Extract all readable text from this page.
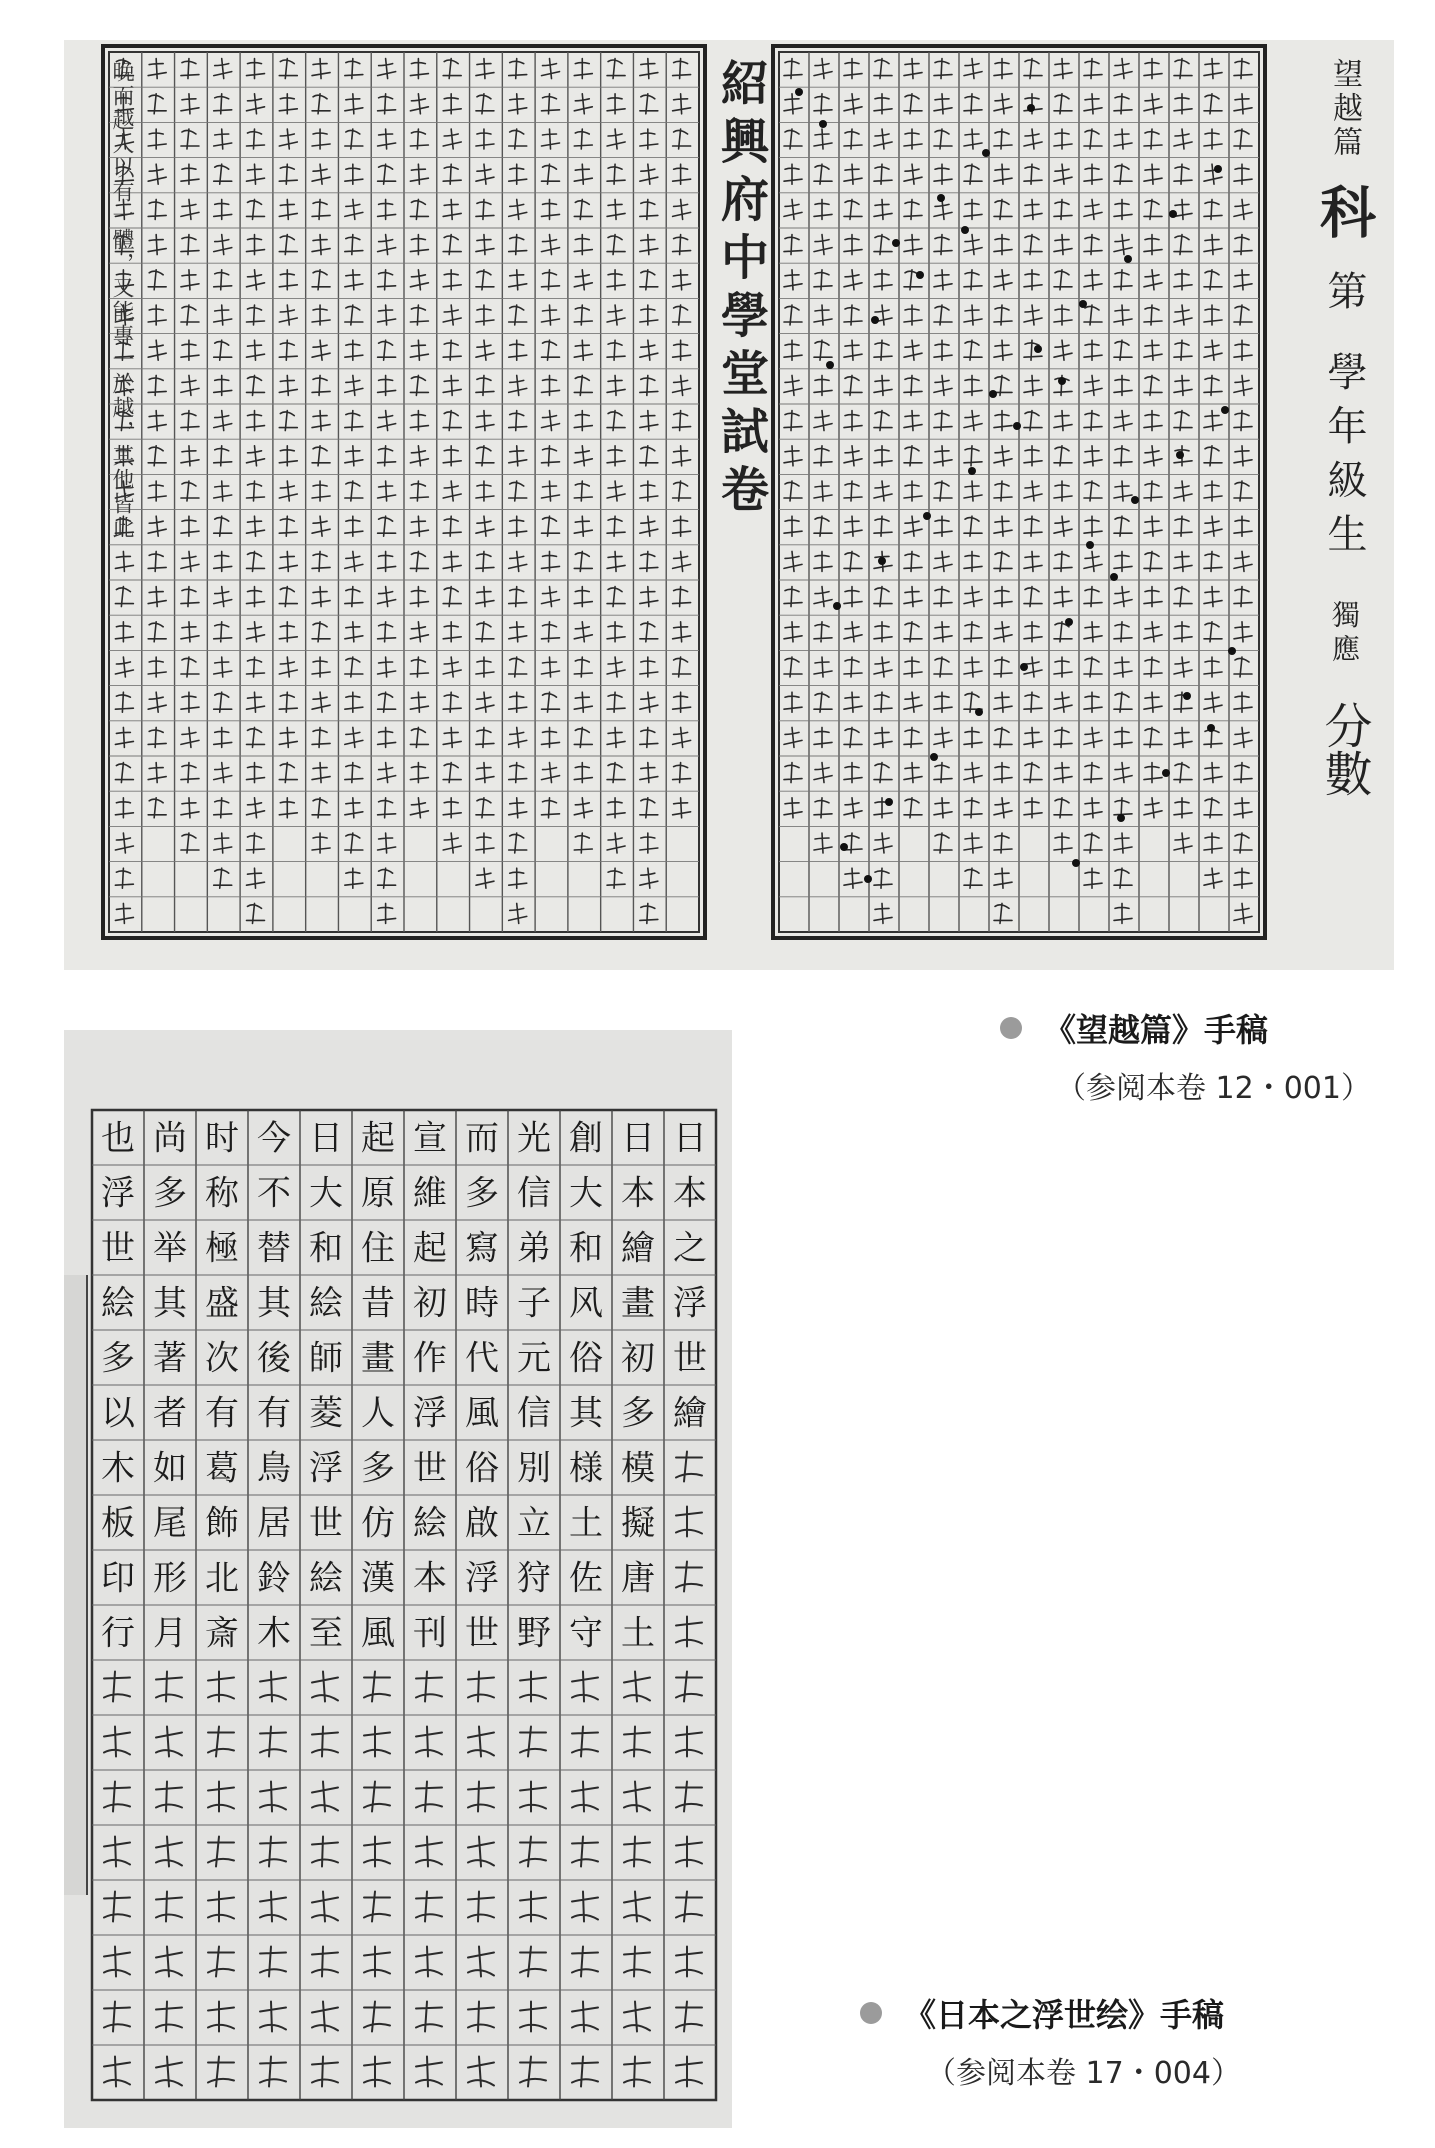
晚而越人以有一體，又能專一於越，其他皆此	紹興府中學堂試卷	望越篇 科 第 學年級生 獨應 分數
日
本
之
浮
世
繪
日
本
繪
畫
初
多
模
擬
唐
土
創
大
和
风
俗
其
様
土
佐
守
光
信
弟
子
元
信
別
立
狩
野
而
多
寫
時
代
風
俗
啟
浮
世
宣
維
起
初
作
浮
世
絵
本
刊
起
原
住
昔
畫
人
多
仿
漢
風
日
大
和
絵
師
菱
浮
世
絵
至
今
不
替
其
後
有
鳥
居
鈴
木
时
称
極
盛
次
有
葛
飾
北
斎
尚
多
举
其
著
者
如
尾
形
月
也
浮
世
絵
多
以
木
板
印
行
《望越篇》手稿
（参阅本卷 12・001）
《日本之浮世绘》手稿
（参阅本卷 17・004）
